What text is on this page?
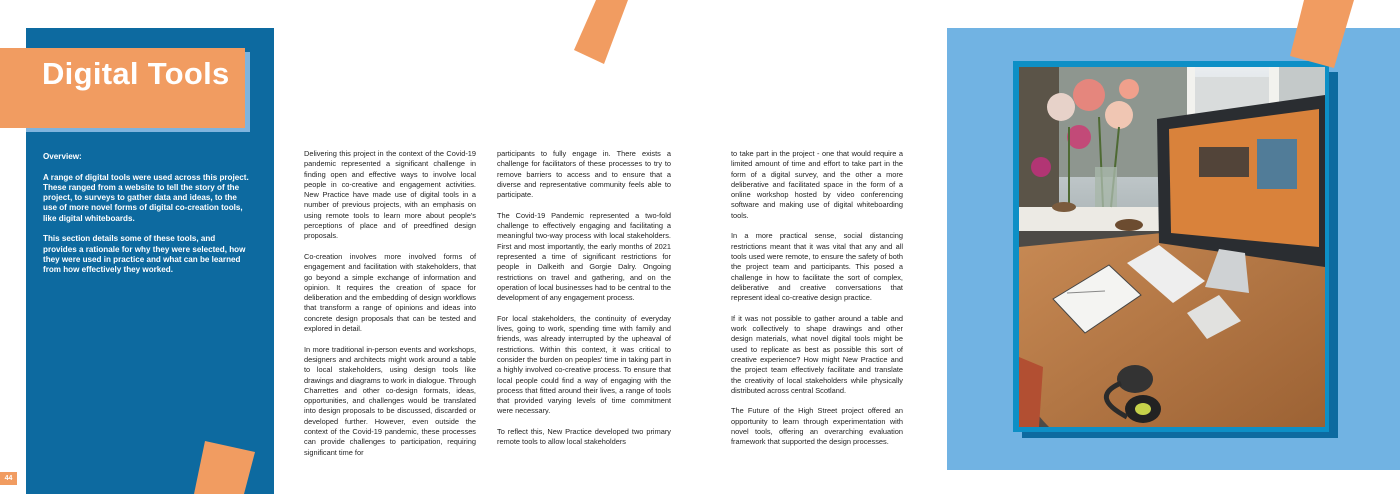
Digital Tools

Overview:

A range of digital tools were used across this project. These ranged from a website to tell the story of the project, to surveys to gather data and ideas, to the use of more novel forms of digital co-creation tools, like digital whiteboards.

This section details some of these tools, and provides a rationale for why they were selected, how they were used in practice and what can be learned from how effectively they worked.

44

Delivering this project in the context of the Covid-19 pandemic represented a significant challenge in finding open and effective ways to involve local people in co-creative and engagement activities. New Practice have made use of digital tools in a number of previous projects, with an emphasis on using remote tools to learn more about people's perceptions of place and of preedfined design proposals.

Co-creation involves more involved forms of engagement and facilitation with stakeholders, that go beyond a simple exchange of information and opinion. It requires the creation of space for deliberation and the embedding of design workflows that transform a range of opinions and ideas into concrete design proposals that can be tested and explored in detail.

In more traditional in-person events and workshops, designers and architects might work around a table to local stakeholders, using design tools like drawings and diagrams to work in dialogue. Through Charrettes and other co-design formats, ideas, opportunities, and challenges would be translated into design proposals to be discussed, discarded or developed further. However, even outside the context of the Covid-19 pandemic, these processes can provide challenges to participation, requiring significant time for

participants to fully engage in. There exists a challenge for facilitators of these processes to try to remove barriers to access and to ensure that a diverse and representative community feels able to participate.

The Covid-19 Pandemic represented a two-fold challenge to effectively engaging and facilitating a meaningful two-way process with local stakeholders. First and most importantly, the early months of 2021 represented a time of significant restrictions for people in Dalkeith and Gorgie Dalry. Ongoing restrictions on travel and gathering, and on the operation of local businesses had to be central to the development of any engagement process.

For local stakeholders, the continuity of everyday lives, going to work, spending time with family and friends, was already interrupted by the upheaval of restrictions. Within this context, it was critical to consider the burden on peoples' time in taking part in a highly involved co-creative process. To ensure that local people could find a way of engaging with the process that fitted around their lives, a range of tools that provided varying levels of time commitment were necessary.

To reflect this, New Practice developed two primary remote tools to allow local stakeholders

to take part in the project - one that would require a limited amount of time and effort to take part in the form of a digital survey, and the other a more deliberative and facilitated space in the form of a online workshop hosted by video conferencing software and making use of digital whiteboarding tools.

In a more practical sense, social distancing restrictions meant that it was vital that any and all tools used were remote, to ensure the safety of both the project team and participants. This posed a challenge in how to facilitate the sort of complex, deliberative and creative conversations that represent ideal co-creative design practice.

If it was not possible to gather around a table and work collectively to shape drawings and other design materials, what novel digital tools might be used to replicate as best as possible this sort of creative experience? How might New Practice and the project team effectively facilitate and translate the creativity of local stakeholders while physically distributed across central Scotland.

The Future of the High Street project offered an opportunity to learn through experimentation with novel tools, offering an overarching evaluation framework that supported the design processes.
